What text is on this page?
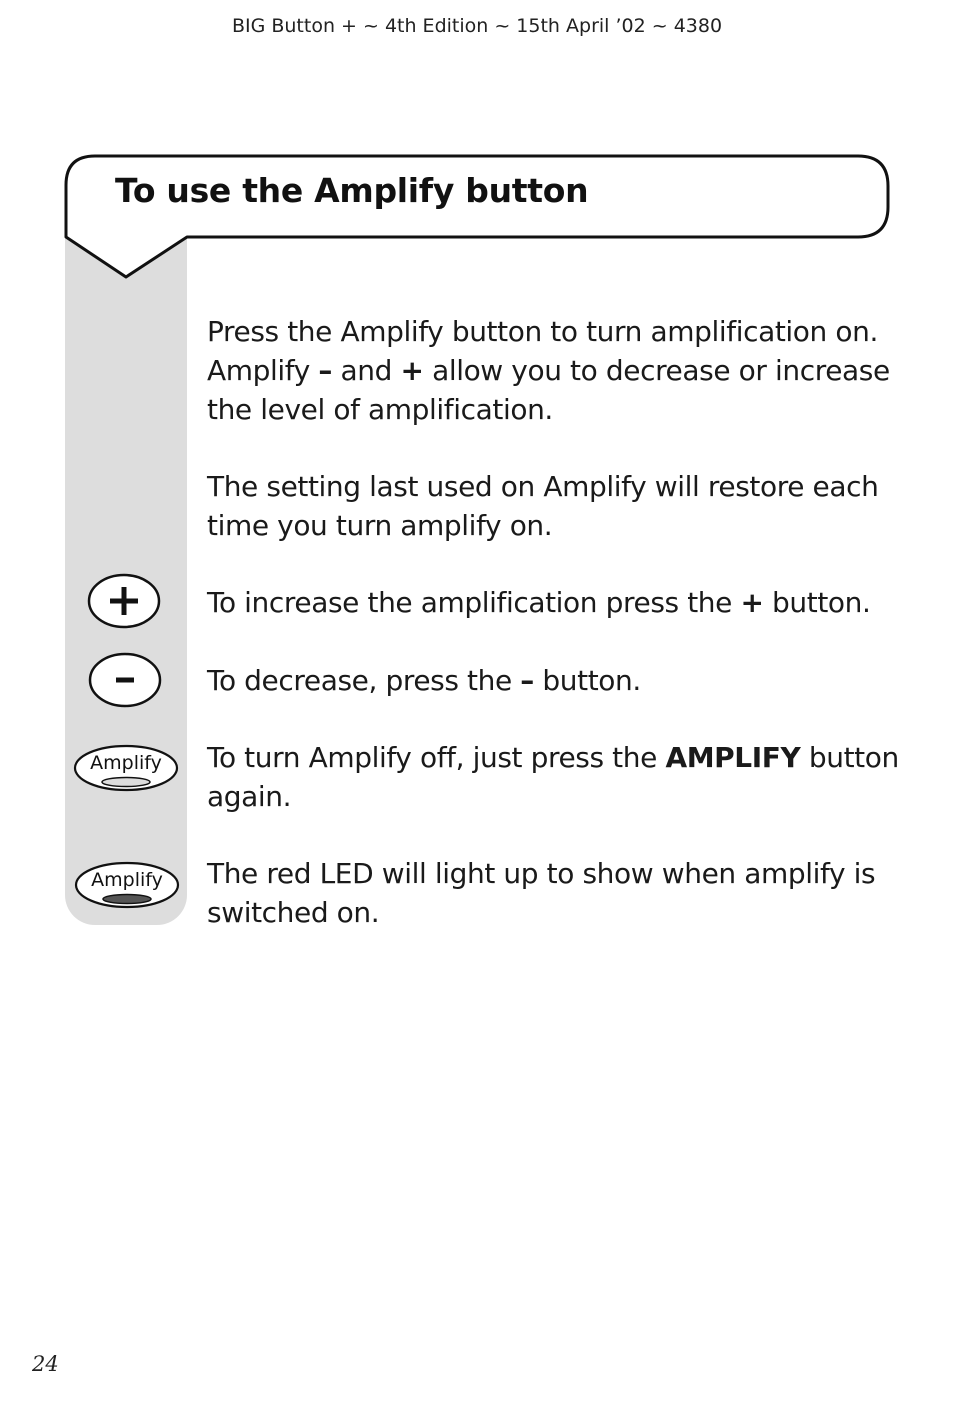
BIG Button + ~ 4th Edition ~ 15th April ’02 ~ 4380
To use the Amplify button

Press the Amplify button to turn amplification on. Amplify – and + allow you to decrease or increase the level of amplification.

The setting last used on Amplify will restore each time you turn amplify on.

To increase the amplification press the + button.

To decrease, press the – button.

To turn Amplify off, just press the AMPLIFY button again.

The red LED will light up to show when amplify is switched on.

Amplify
Amplify
24
